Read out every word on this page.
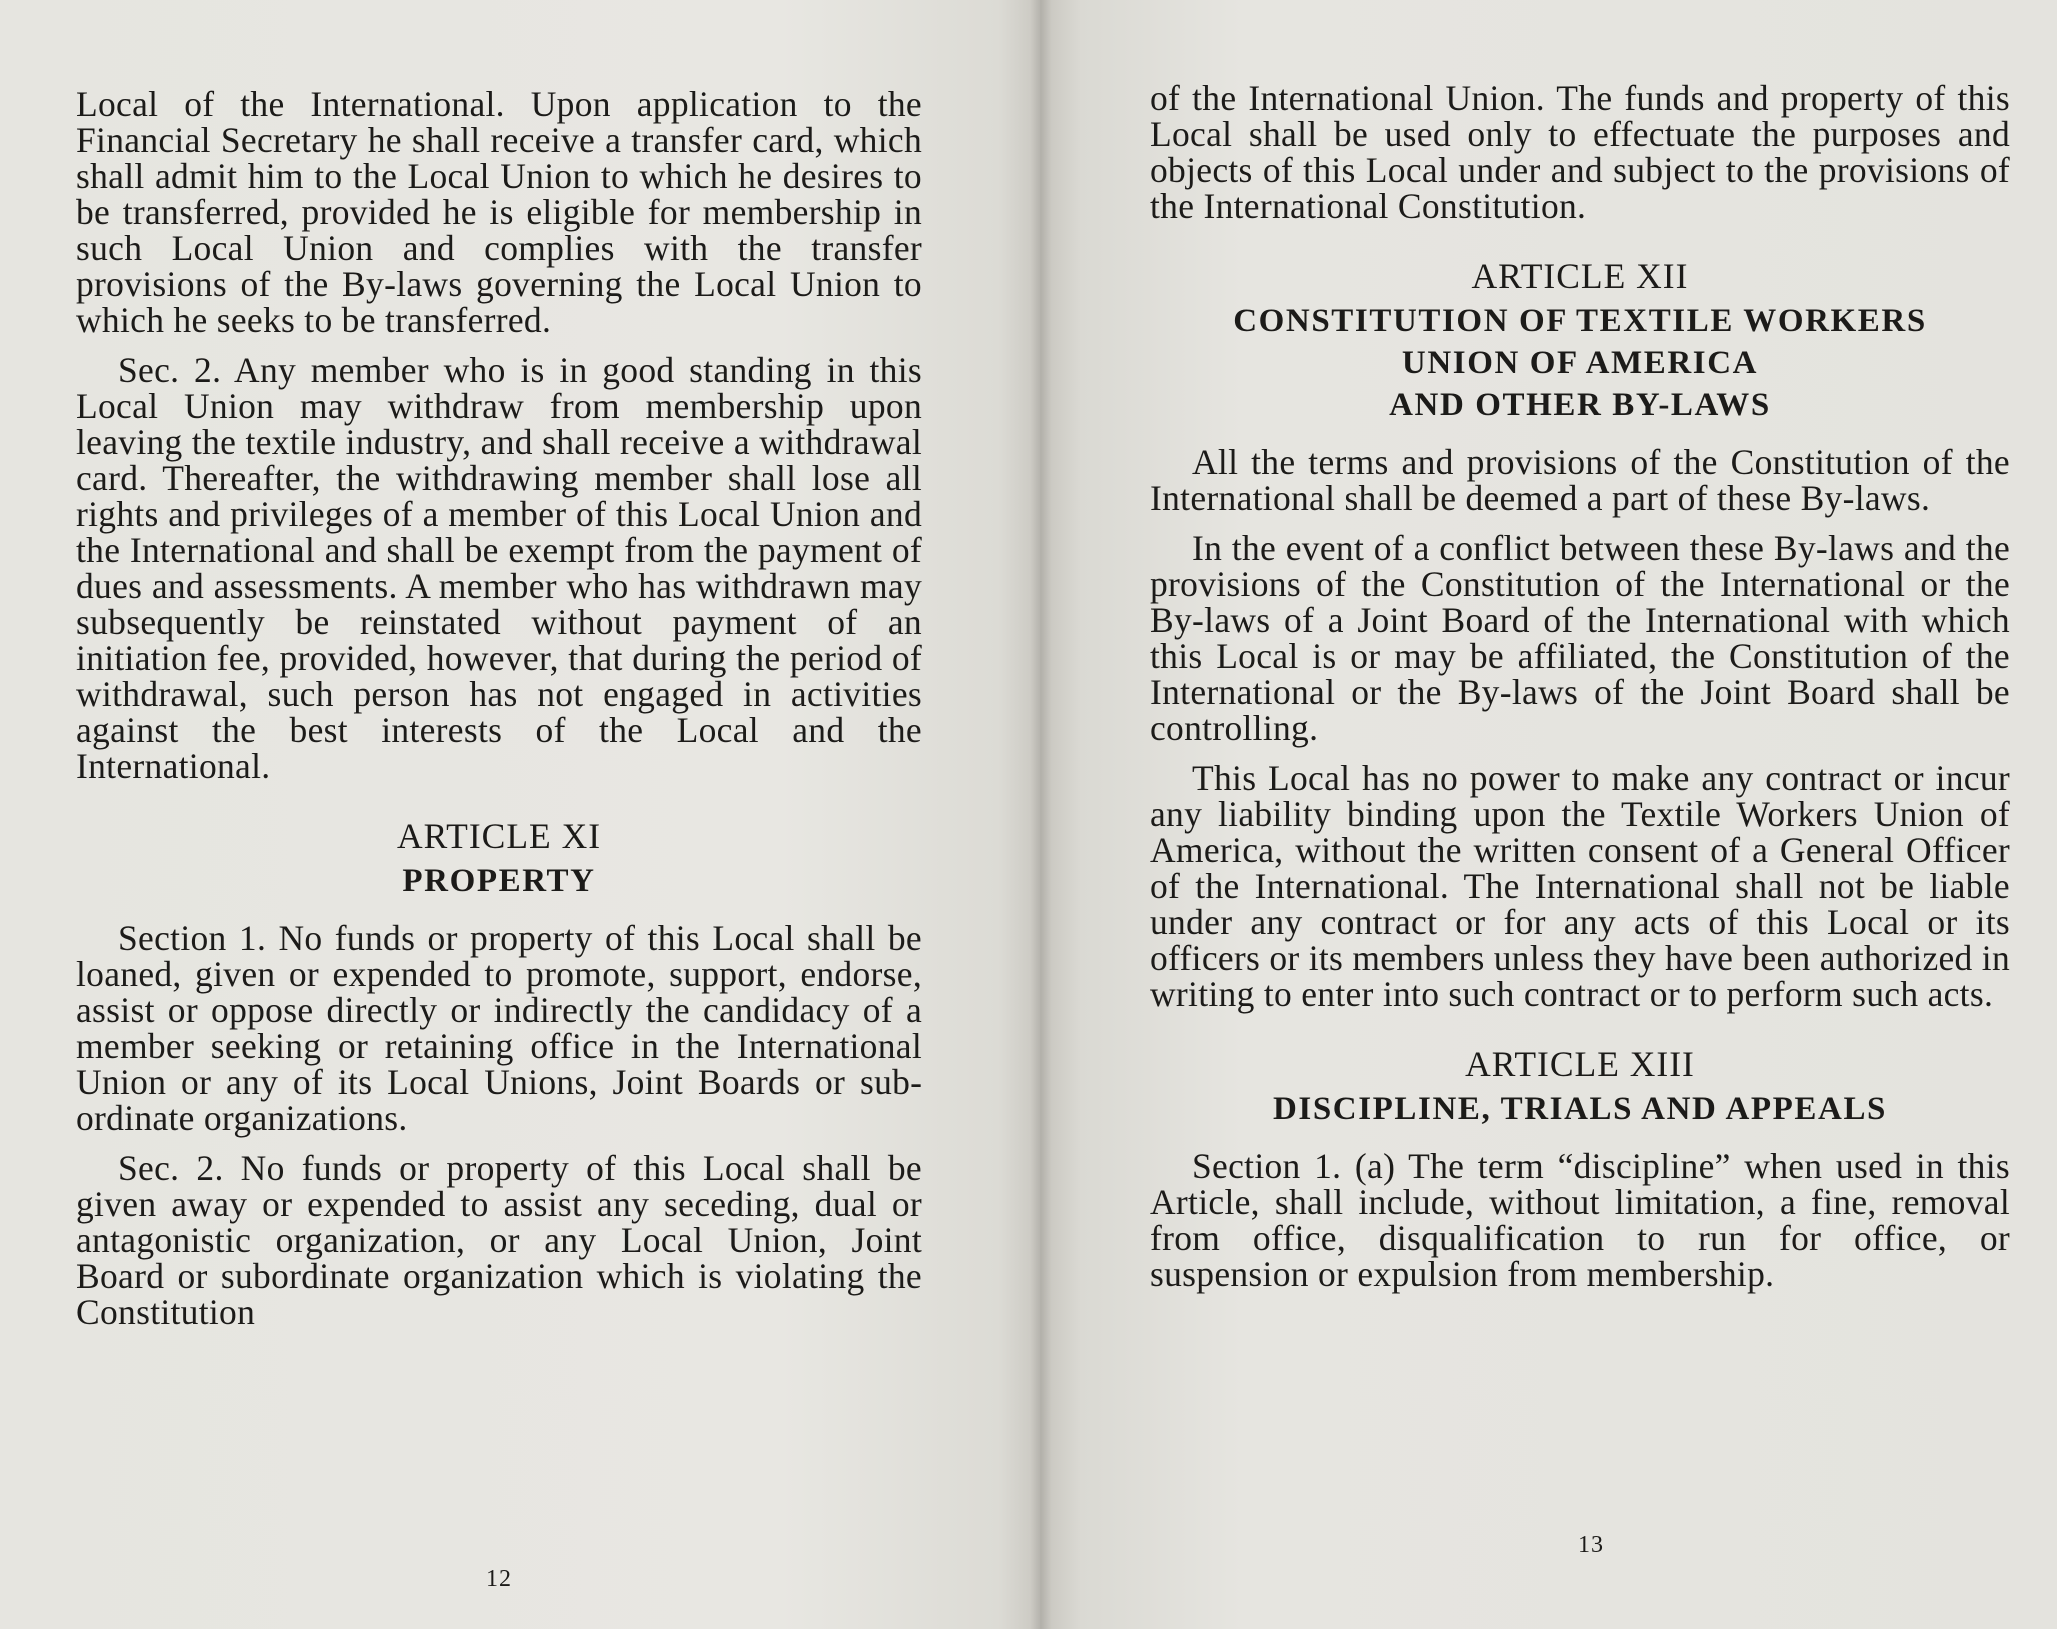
Local of the International. Upon application to the Financial Secretary he shall receive a transfer card, which shall admit him to the Local Union to which he desires to be transferred, provided he is eligible for membership in such Local Union and complies with the transfer provisions of the By-laws governing the Local Union to which he seeks to be transferred.

Sec. 2. Any member who is in good standing in this Local Union may withdraw from membership upon leaving the textile industry, and shall receive a withdrawal card. Thereafter, the withdrawing member shall lose all rights and privileges of a member of this Local Union and the International and shall be exempt from the payment of dues and assessments. A member who has withdrawn may subsequently be reinstated without payment of an initiation fee, provided, however, that during the period of withdrawal, such person has not engaged in activities against the best interests of the Local and the International.

ARTICLE XI
PROPERTY

Section 1. No funds or property of this Local shall be loaned, given or expended to promote, support, endorse, assist or oppose directly or indirectly the candidacy of a member seeking or retaining office in the International Union or any of its Local Unions, Joint Boards or subordinate organizations.

Sec. 2. No funds or property of this Local shall be given away or expended to assist any seceding, dual or antagonistic organization, or any Local Union, Joint Board or subordinate organization which is violating the Constitution

12
13

of the International Union. The funds and property of this Local shall be used only to effectuate the purposes and objects of this Local under and subject to the provisions of the International Constitution.

ARTICLE XII
CONSTITUTION OF TEXTILE WORKERS
UNION OF AMERICA
AND OTHER BY-LAWS

All the terms and provisions of the Constitution of the International shall be deemed a part of these By-laws.

In the event of a conflict between these By-laws and the provisions of the Constitution of the International or the By-laws of a Joint Board of the International with which this Local is or may be affiliated, the Constitution of the International or the By-laws of the Joint Board shall be controlling.

This Local has no power to make any contract or incur any liability binding upon the Textile Workers Union of America, without the written consent of a General Officer of the International. The International shall not be liable under any contract or for any acts of this Local or its officers or its members unless they have been authorized in writing to enter into such contract or to perform such acts.

ARTICLE XIII
DISCIPLINE, TRIALS AND APPEALS

Section 1. (a) The term “discipline” when used in this Article, shall include, without limitation, a fine, removal from office, disqualification to run for office, or suspension or expulsion from membership.
